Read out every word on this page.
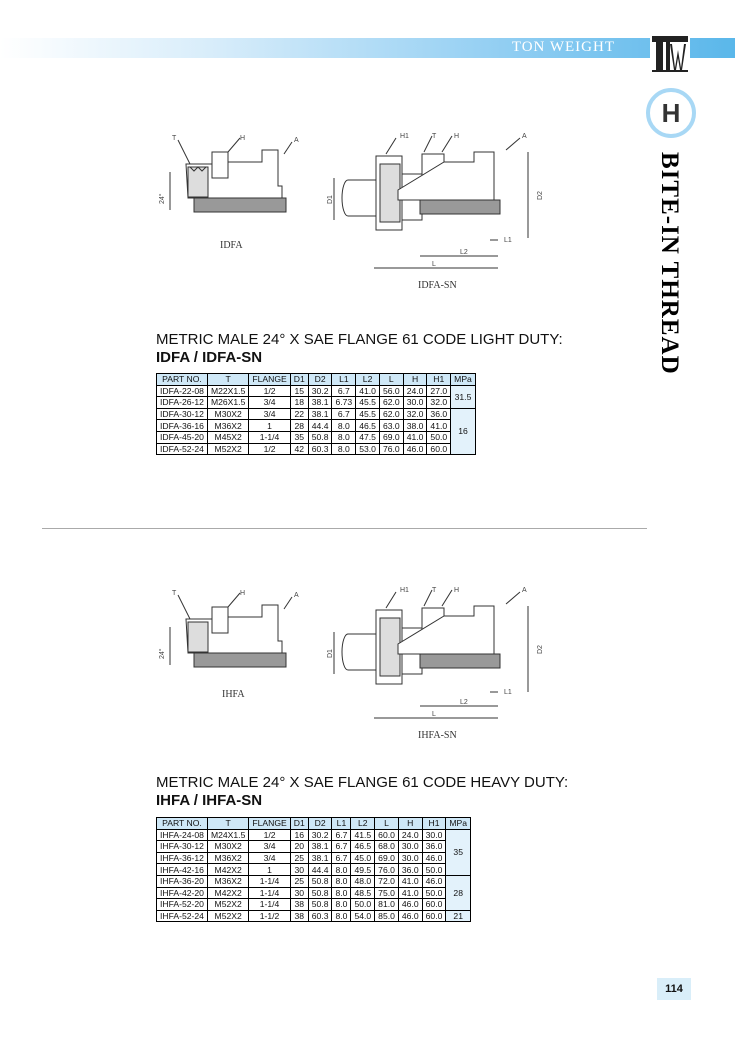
TON WEIGHT
H
BITE-IN THREAD
24°
T	H	A
IDFA
D1	D2
L
L2
L1
H1	T	H	A
IDFA-SN
METRIC MALE 24° X SAE FLANGE 61 CODE LIGHT DUTY:
IDFA / IDFA-SN
PART NO.	T	FLANGE	D1	D2	L1	L2	L	H	H1	MPa
IDFA-22-08	M22X1.5	1/2	15	30.2	6.7	41.0	56.0	24.0	27.0	31.5
IDFA-26-12	M26X1.5	3/4	18	38.1	6.73	45.5	62.0	30.0	32.0	
IDFA-30-12	M30X2	3/4	22	38.1	6.7	45.5	62.0	32.0	36.0	16
IDFA-36-16	M36X2	1	28	44.4	8.0	46.5	63.0	38.0	41.0	
IDFA-45-20	M45X2	1-1/4	35	50.8	8.0	47.5	69.0	41.0	50.0	
IDFA-52-24	M52X2	1/2	42	60.3	8.0	53.0	76.0	46.0	60.0	
24°
T	H	A
IHFA
D1	D2
L
L2
L1
H1	T	H	A
IHFA-SN
METRIC MALE 24° X SAE FLANGE 61 CODE HEAVY DUTY:
IHFA / IHFA-SN
PART NO.	T	FLANGE	D1	D2	L1	L2	L	H	H1	MPa
IHFA-24-08	M24X1.5	1/2	16	30.2	6.7	41.5	60.0	24.0	30.0	35
IHFA-30-12	M30X2	3/4	20	38.1	6.7	46.5	68.0	30.0	36.0	
IHFA-36-12	M36X2	3/4	25	38.1	6.7	45.0	69.0	30.0	46.0	
IHFA-42-16	M42X2	1	30	44.4	8.0	49.5	76.0	36.0	50.0	
IHFA-36-20	M36X2	1-1/4	25	50.8	8.0	48.0	72.0	41.0	46.0	28
IHFA-42-20	M42X2	1-1/4	30	50.8	8.0	48.5	75.0	41.0	50.0	
IHFA-52-20	M52X2	1-1/4	38	50.8	8.0	50.0	81.0	46.0	60.0	
IHFA-52-24	M52X2	1-1/2	38	60.3	8.0	54.0	85.0	46.0	60.0	21
114
